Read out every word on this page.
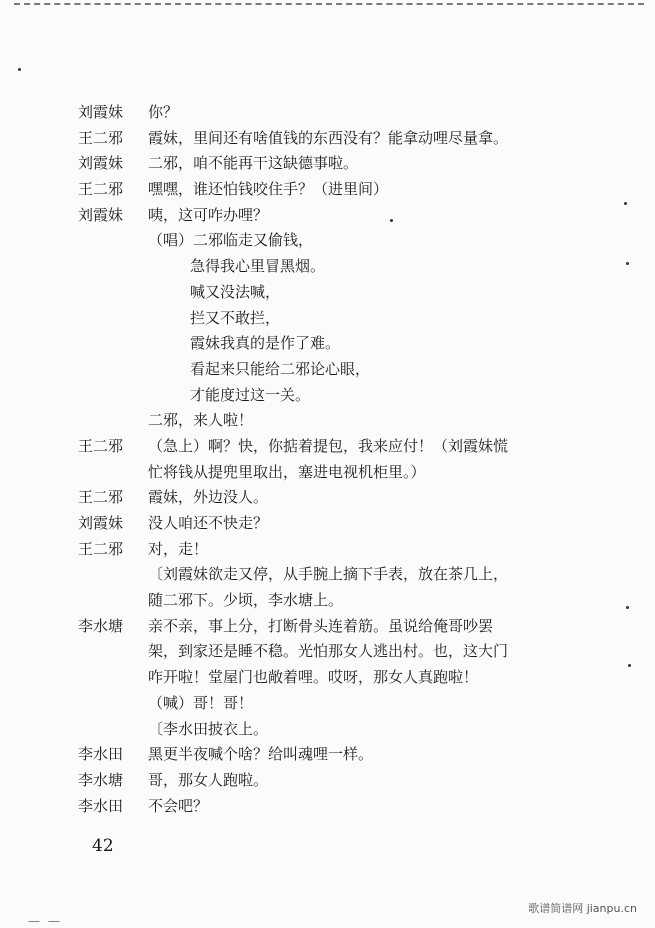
刘霞妹	你？
王二邪	霞妹，里间还有啥值钱的东西没有？能拿动哩尽量拿。
刘霞妹	二邪，咱不能再干这缺德事啦。
王二邪	嘿嘿，谁还怕钱咬住手？（进里间）
刘霞妹	咦，这可咋办哩？
（唱）二邪临走又偷钱，
急得我心里冒黑烟。
喊又没法喊，
拦又不敢拦，
霞妹我真的是作了难。
看起来只能给二邪论心眼，
才能度过这一关。
二邪，来人啦！
王二邪	（急上）啊？快，你掂着提包，我来应付！（刘霞妹慌
忙将钱从提兜里取出，塞进电视机柜里。）
王二邪	霞妹，外边没人。
刘霞妹	没人咱还不快走？
王二邪	对，走！
〔刘霞妹欲走又停，从手腕上摘下手表，放在茶几上，
随二邪下。少顷，李水塘上。
李水塘	亲不亲，事上分，打断骨头连着筋。虽说给俺哥吵罢
架，到家还是睡不稳。光怕那女人逃出村。也，这大门
咋开啦！堂屋门也敞着哩。哎呀，那女人真跑啦！
（喊）哥！哥！
〔李水田披衣上。
李水田	黑更半夜喊个啥？给叫魂哩一样。
李水塘	哥，那女人跑啦。
李水田	不会吧？
42
— —
歌谱简谱网 jianpu.cn
